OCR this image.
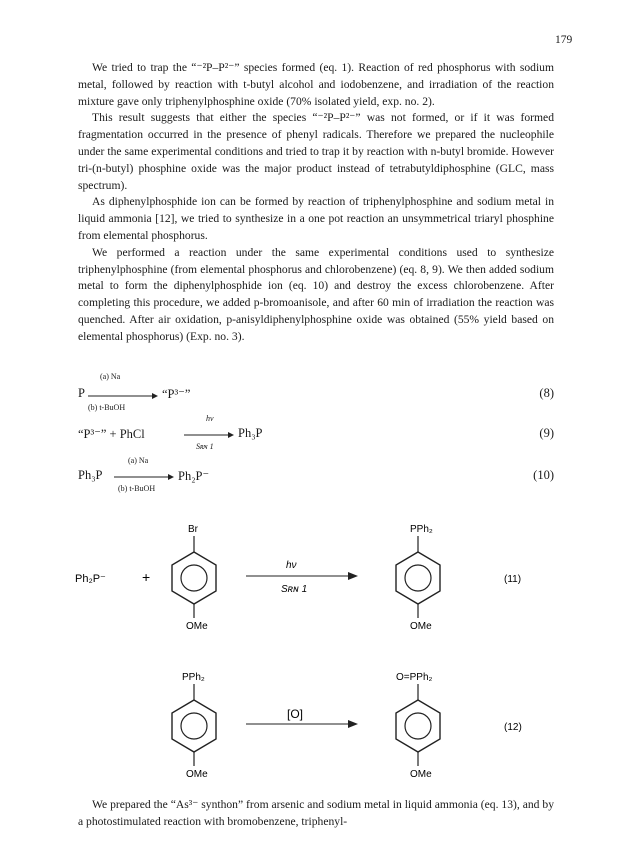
179

We tried to trap the “⁻²P–P²⁻” species formed (eq. 1). Reaction of red phosphorus with sodium metal, followed by reaction with t-butyl alcohol and iodobenzene, and irradiation of the reaction mixture gave only triphenylphosphine oxide (70% isolated yield, exp. no. 2).

This result suggests that either the species “⁻²P–P²⁻” was not formed, or if it was formed fragmentation occurred in the presence of phenyl radicals. Therefore we prepared the nucleophile under the same experimental conditions and tried to trap it by reaction with n-butyl bromide. However tri-(n-butyl) phosphine oxide was the major product instead of tetrabutyldiphosphine (GLC, mass spectrum).

As diphenylphosphide ion can be formed by reaction of triphenylphosphine and sodium metal in liquid ammonia [12], we tried to synthesize in a one pot reaction an unsymmetrical triaryl phosphine from elemental phosphorus.

We performed a reaction under the same experimental conditions used to synthesize triphenylphosphine (from elemental phosphorus and chlorobenzene) (eq. 8, 9). We then added sodium metal to form the diphenylphosphide ion (eq. 10) and destroy the excess chlorobenzene. After completing this procedure, we added p-bromoanisole, and after 60 min of irradiation the reaction was quenched. After air oxidation, p-anisyldiphenylphosphine oxide was obtained (55% yield based on elemental phosphorus) (Exp. no. 3).

P
(a) Na
(b) t-BuOH
“P³⁻”	(8)
“P³⁻” + PhCl
hν
Sʀɴ 1
Ph₃P	(9)
Ph₃P
(a) Na
(b) t-BuOH
Ph₂P⁻	(10)
Ph₂P⁻	+
Br
OMe
hν
Sʀɴ 1
PPh₂
OMe
(11)
PPh₂
OMe
[O]
O=PPh₂
OMe
(12)

We prepared the “As³⁻ synthon” from arsenic and sodium metal in liquid ammonia (eq. 13), and by a photostimulated reaction with bromobenzene, triphenyl-
